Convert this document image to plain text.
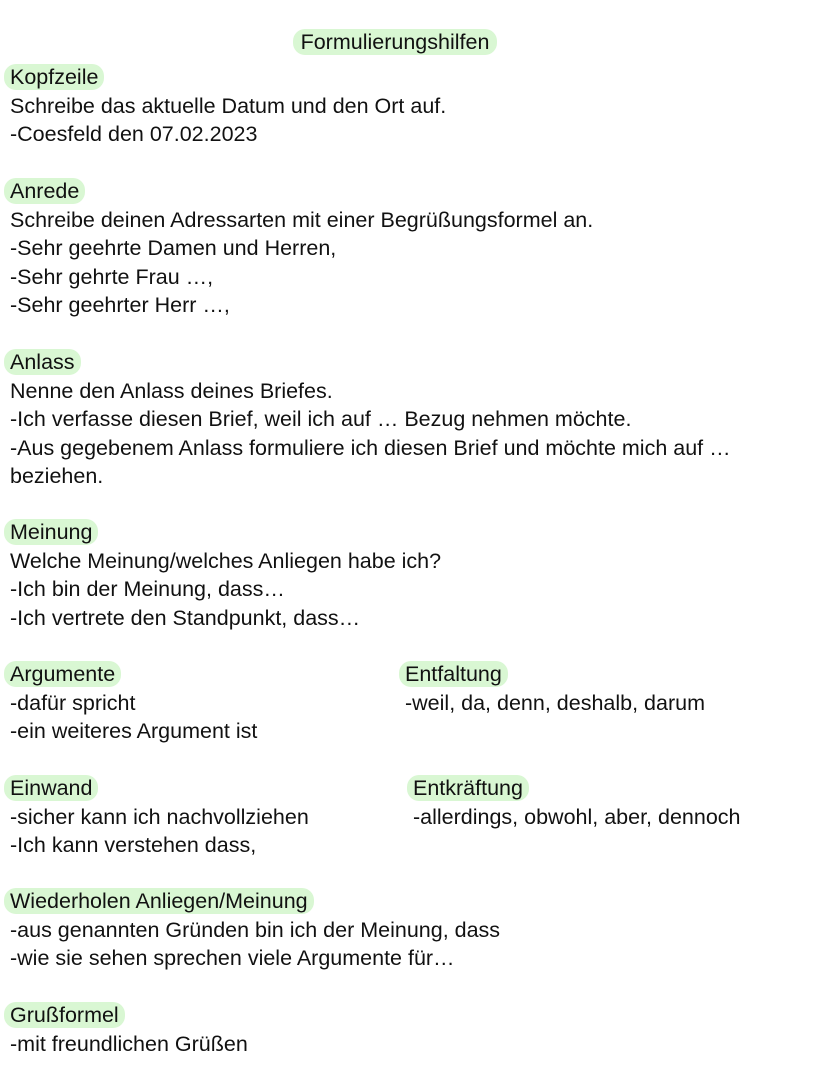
Formulierungshilfen
Kopfzeile
Schreibe das aktuelle Datum und den Ort auf.
-Coesfeld den 07.02.2023
Anrede
Schreibe deinen Adressarten mit einer Begrüßungsformel an.
-Sehr geehrte Damen und Herren,
-Sehr gehrte Frau …,
-Sehr geehrter Herr …,
Anlass
Nenne den Anlass deines Briefes.
-Ich verfasse diesen Brief, weil ich auf … Bezug nehmen möchte.
-Aus gegebenem Anlass formuliere ich diesen Brief und möchte mich auf … beziehen.
Meinung
Welche Meinung/welches Anliegen habe ich?
-Ich bin der Meinung, dass…
-Ich vertrete den Standpunkt, dass…
Argumente
-dafür spricht
-ein weiteres Argument ist
Entfaltung
-weil, da, denn, deshalb, darum
Einwand
-sicher kann ich nachvollziehen
-Ich kann verstehen dass,
Entkräftung
-allerdings, obwohl, aber, dennoch
Wiederholen Anliegen/Meinung
-aus genannten Gründen bin ich der Meinung, dass
-wie sie sehen sprechen viele Argumente für…
Grußformel
-mit freundlichen Grüßen
